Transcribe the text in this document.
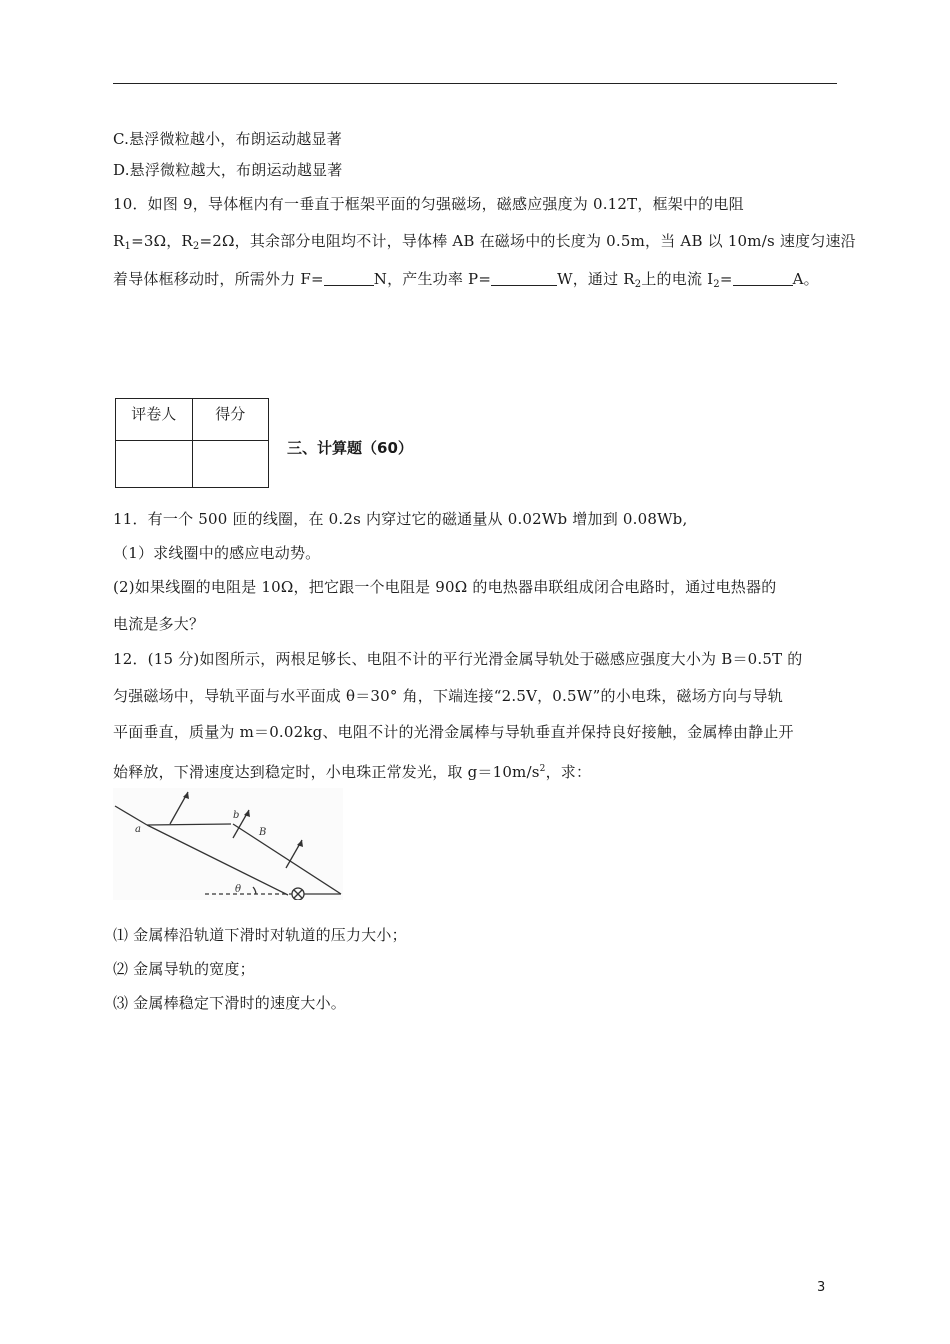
C.悬浮微粒越小，布朗运动越显著
D.悬浮微粒越大，布朗运动越显著
10．如图 9，导体框内有一垂直于框架平面的匀强磁场，磁感应强度为 0.12T，框架中的电阻
$R_1=3\Omega$，$R_2=2\Omega$，其余部分电阻均不计，导体棒 AB 在磁场中的长度为 0.5m，当 AB 以 10m/s 速度匀速沿
着导体框移动时，所需外力 F=	N，产生功率 P=	W，通过 $R_2$上的电流 $I_2=$	A。
评卷人	得分

三、计算题（60）
11．有一个 500 匝的线圈，在 0.2s 内穿过它的磁通量从 0.02Wb 增加到 0.08Wb,
（1）求线圈中的感应电动势。
(2)如果线圈的电阻是 10Ω，把它跟一个电阻是 90Ω 的电热器串联组成闭合电路时，通过电热器的
电流是多大？
12．(15 分)如图所示，两根足够长、电阻不计的平行光滑金属导轨处于磁感应强度大小为 B＝0.5T 的
匀强磁场中，导轨平面与水平面成 θ＝30° 角，下端连接“2.5V，0.5W”的小电珠，磁场方向与导轨
平面垂直，质量为 m＝0.02kg、电阻不计的光滑金属棒与导轨垂直并保持良好接触，金属棒由静止开
始释放，下滑速度达到稳定时，小电珠正常发光，取 $g=10m/s^2$，求：
a
b
B
θ
⑴ 金属棒沿轨道下滑时对轨道的压力大小；
⑵ 金属导轨的宽度；
⑶ 金属棒稳定下滑时的速度大小。
3
